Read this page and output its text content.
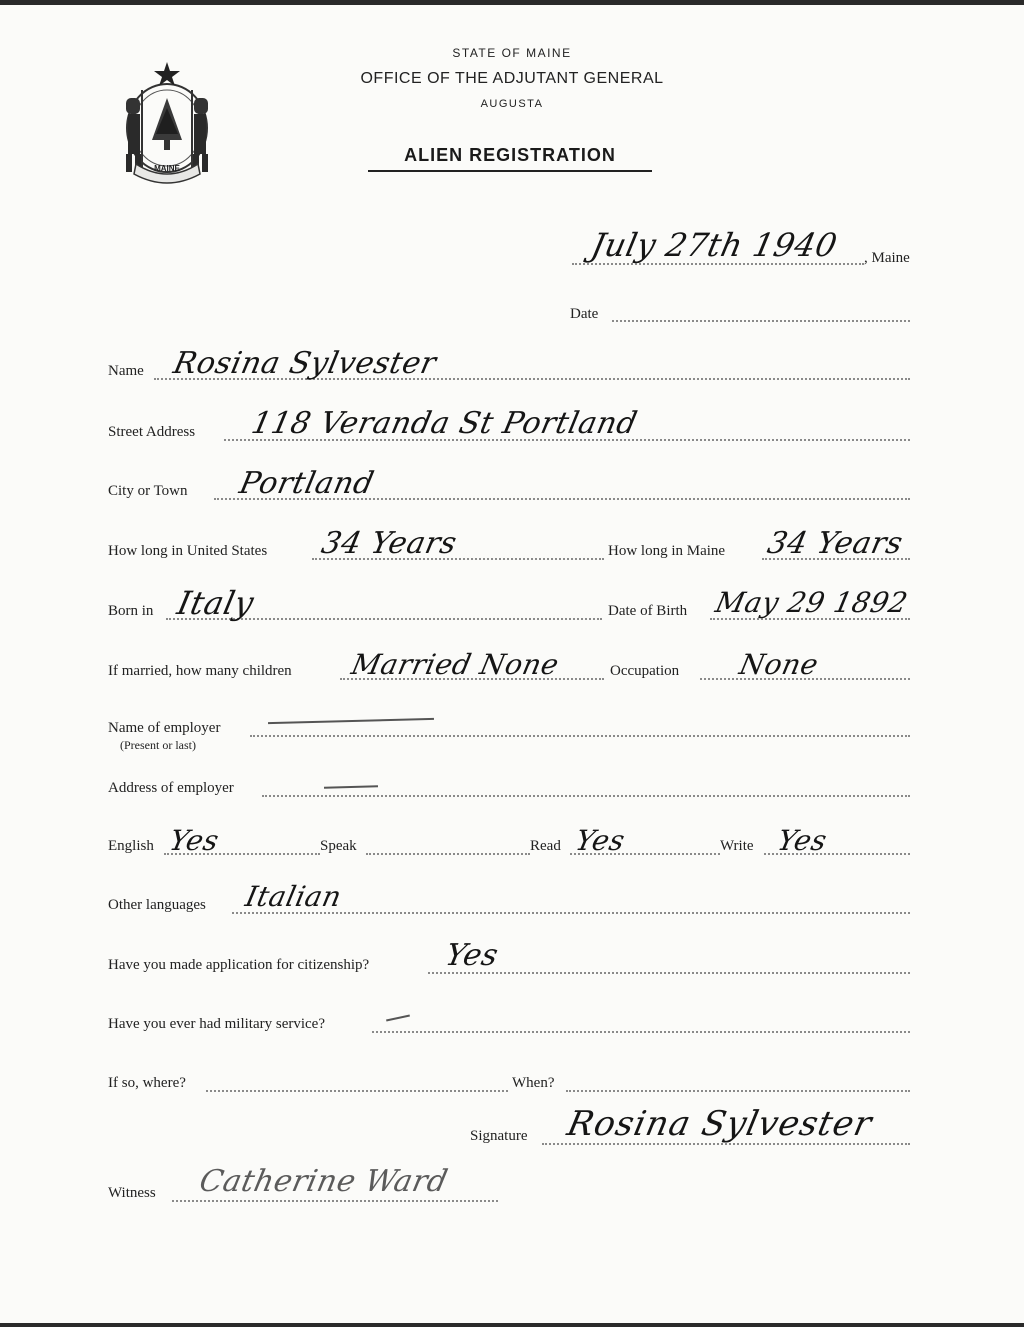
MAINE
STATE OF MAINE
OFFICE OF THE ADJUTANT GENERAL
AUGUSTA
ALIEN REGISTRATION
July 27th 1940 , Maine
Date
Name Rosina Sylvester
Street Address 118 Veranda St Portland
City or Town Portland
How long in United States 34 Years	How long in Maine 34 Years
Born in Italy	Date of Birth May 29 1892
If married, how many children Married None	Occupation None
Name of employer
(Present or last)
Address of employer
English Yes	Speak	Read Yes	Write Yes
Other languages Italian
Have you made application for citizenship? Yes
Have you ever had military service?
If so, where?	When?
Signature Rosina Sylvester
Witness Catherine Ward
